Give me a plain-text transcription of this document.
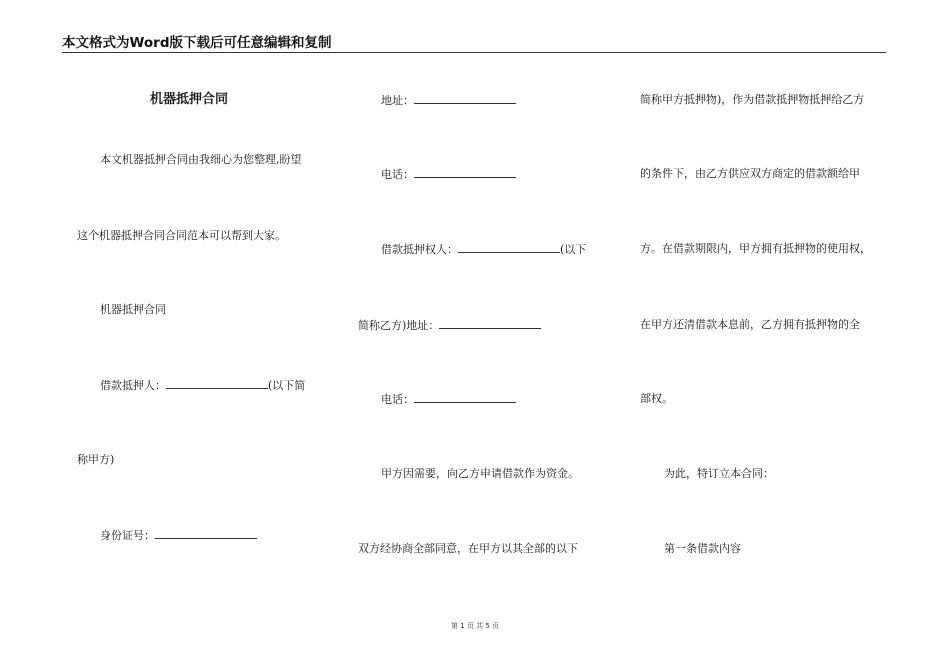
本文格式为Word版下载后可任意编辑和复制
机器抵押合同
本文机器抵押合同由我细心为您整理,盼望
这个机器抵押合同合同范本可以帮到大家。
机器抵押合同
借款抵押人：	(以下简
称甲方)
身份证号：
地址：
电话：
借款抵押权人：	(以下
简称乙方)地址：
电话：
甲方因需要，向乙方申请借款作为资金。
双方经协商全部同意，在甲方以其全部的以下
简称甲方抵押物)，作为借款抵押物抵押给乙方
的条件下，由乙方供应双方商定的借款额给甲
方。在借款期限内，甲方拥有抵押物的使用权，
在甲方还清借款本息前，乙方拥有抵押物的全
部权。
为此，特订立本合同：
第一条借款内容
第 1 页 共 5 页
